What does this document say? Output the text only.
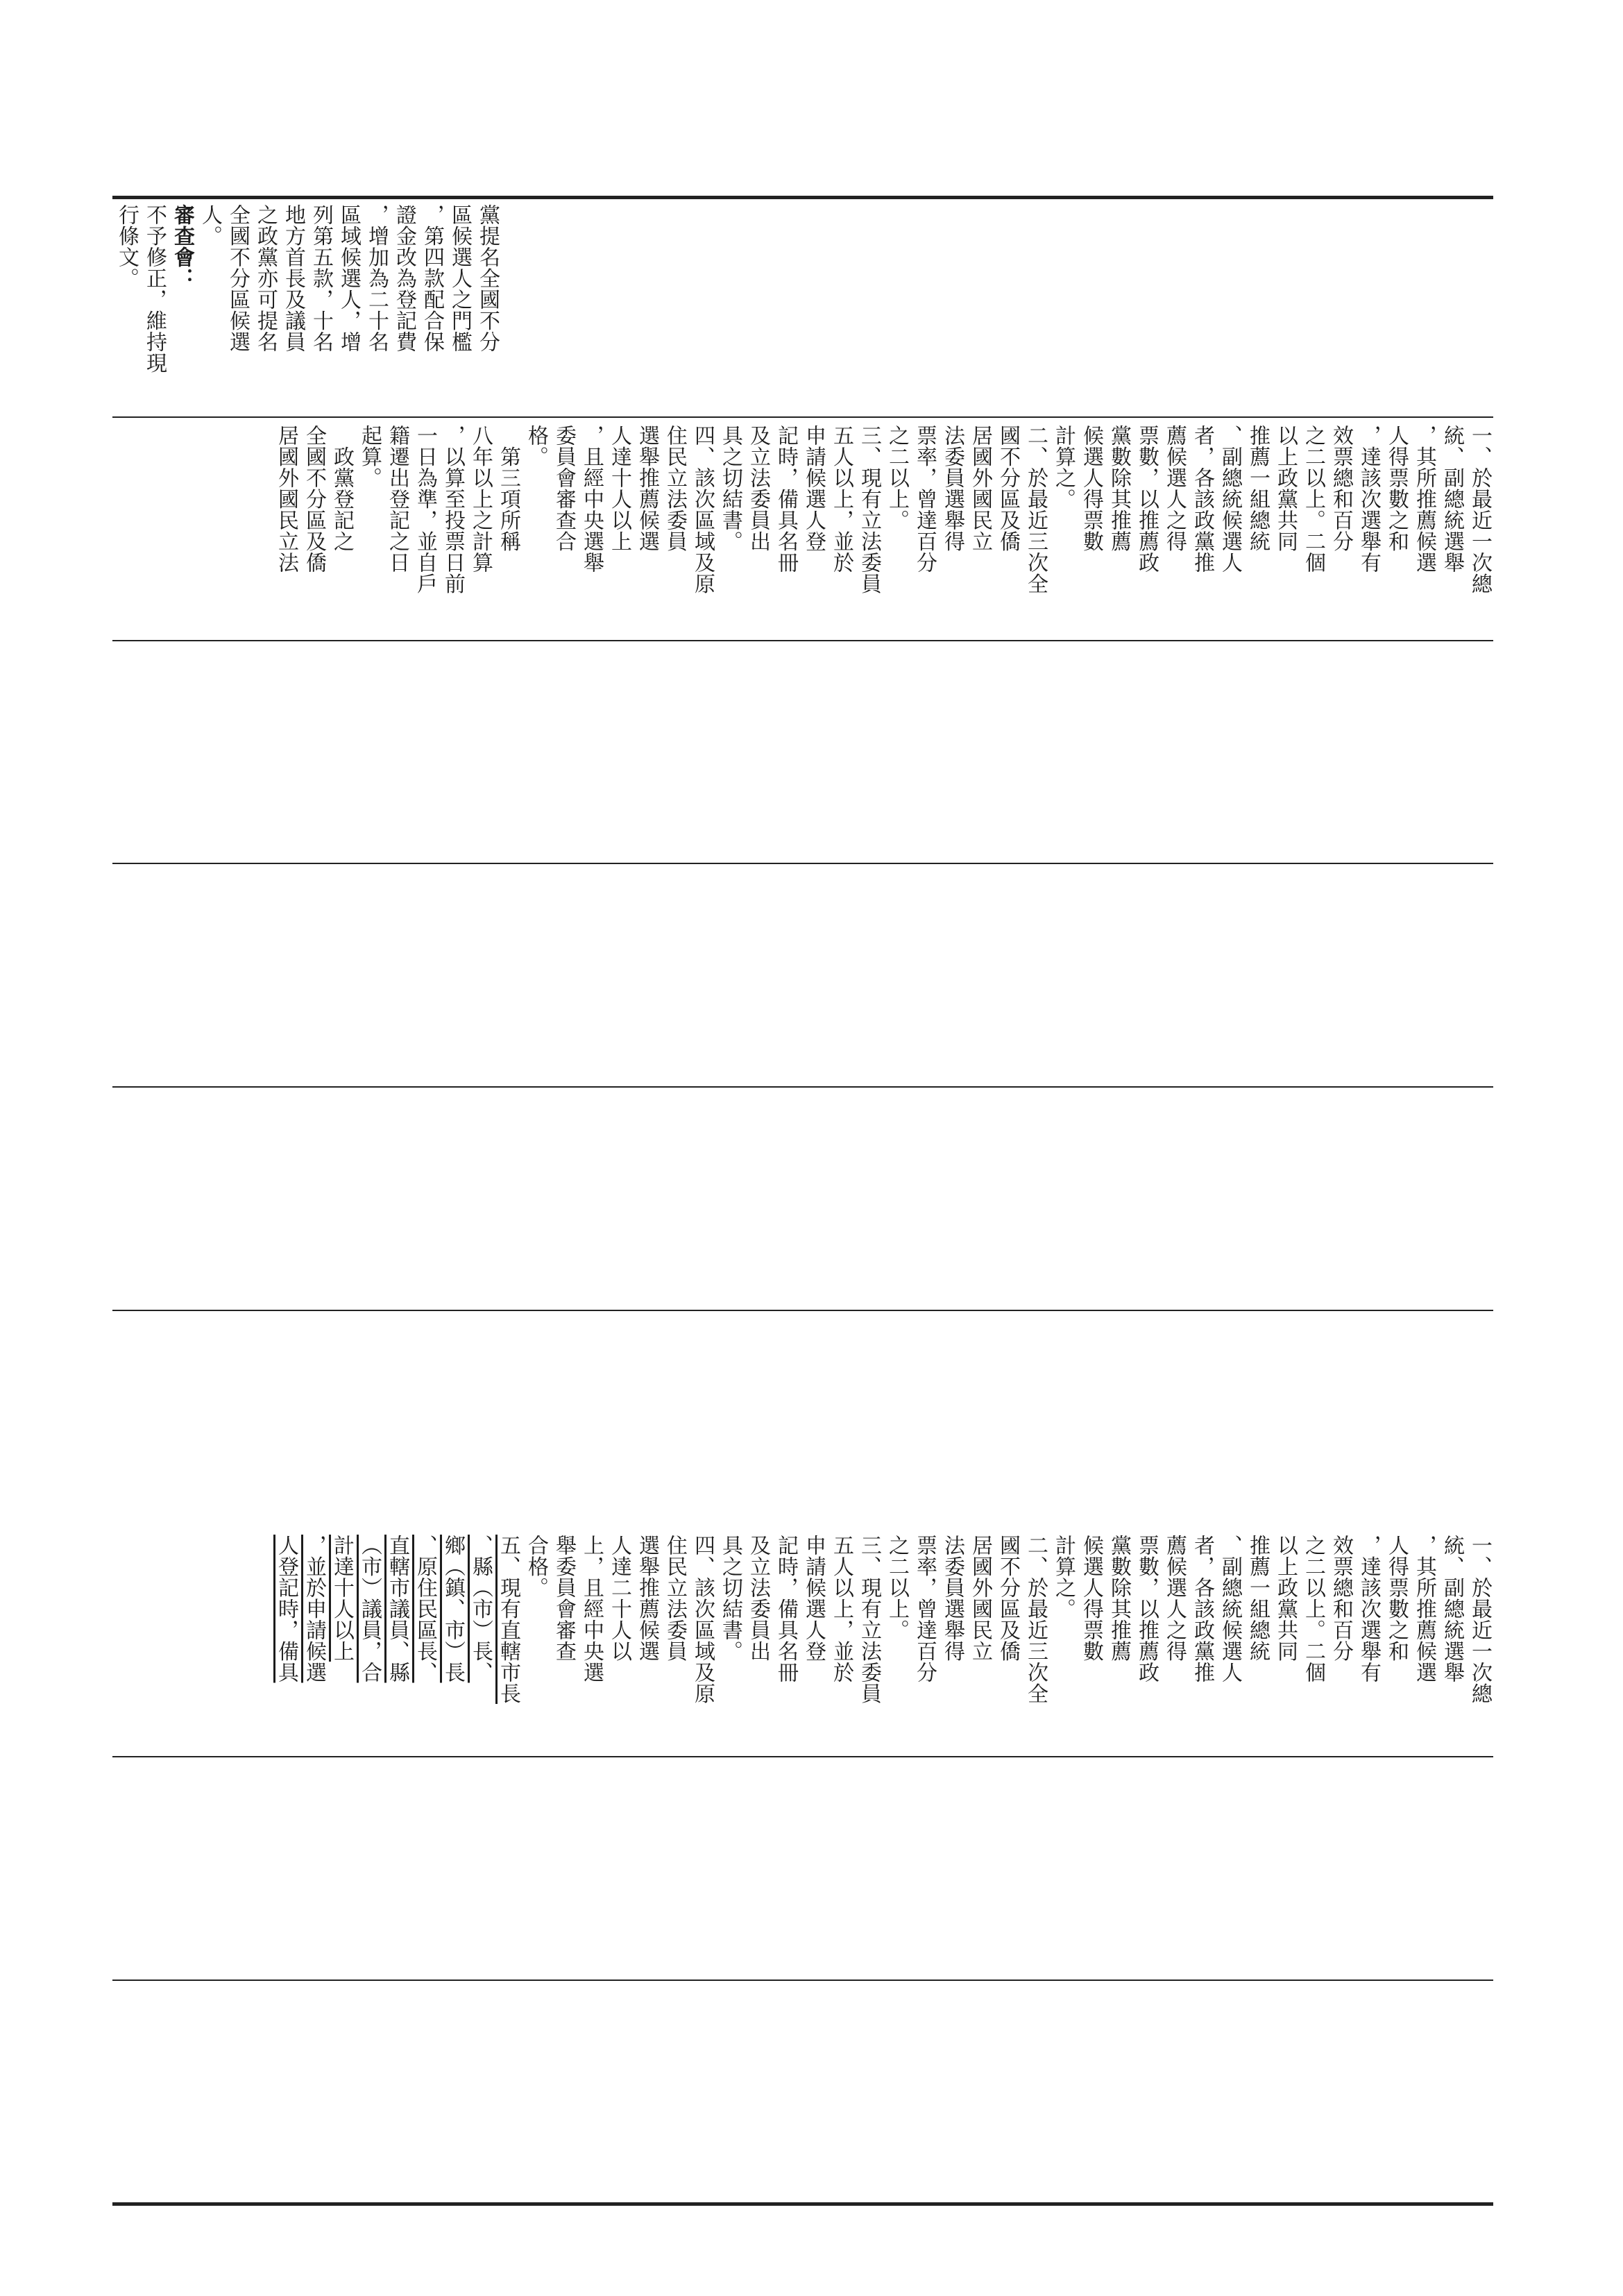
黨提名全國不分
區候選人之門檻
，第四款配合保
證金改為登記費
，增加為二十名
區域候選人，增
列第五款，十名
地方首長及議員
之政黨亦可提名
全國不分區候選
人。
審查會：
不予修正，維持現
行條文。
一、於最近一次總
統、副總統選舉
，其所推薦候選
人得票數之和
，達該次選舉有
效票總和百分
之二以上。二個
以上政黨共同
推薦一組總統
、副總統候選人
者，各該政黨推
薦候選人之得
票數，以推薦政
黨數除其推薦
候選人得票數
計算之。
二、於最近三次全
國不分區及僑
居國外國民立
法委員選舉得
票率，曾達百分
之二以上。
三、現有立法委員
五人以上，並於
申請候選人登
記時，備具名冊
及立法委員出
具之切結書。
四、該次區域及原
住民立法委員
選舉推薦候選
人達十人以上
，且經中央選舉
委員會審查合
格。
　第三項所稱
八年以上之計算
，以算至投票日前
一日為準，並自戶
籍遷出登記之日
起算。
　政黨登記之
全國不分區及僑
居國外國民立法
一、於最近一次總
統、副總統選舉
，其所推薦候選
人得票數之和
，達該次選舉有
效票總和百分
之二以上。二個
以上政黨共同
推薦一組總統
、副總統候選人
者，各該政黨推
薦候選人之得
票數，以推薦政
黨數除其推薦
候選人得票數
計算之。
二、於最近三次全
國不分區及僑
居國外國民立
法委員選舉得
票率，曾達百分
之二以上。
三、現有立法委員
五人以上，並於
申請候選人登
記時，備具名冊
及立法委員出
具之切結書。
四、該次區域及原
住民立法委員
選舉推薦候選
人達二十人以
上，且經中央選
舉委員會審查
合格。
五、現有直轄市長
、縣（市）長、
鄉（鎮、市）長
、原住民區長、
直轄市議員、縣
（市）議員，合
計達十人以上
，並於申請候選
人登記時，備具
